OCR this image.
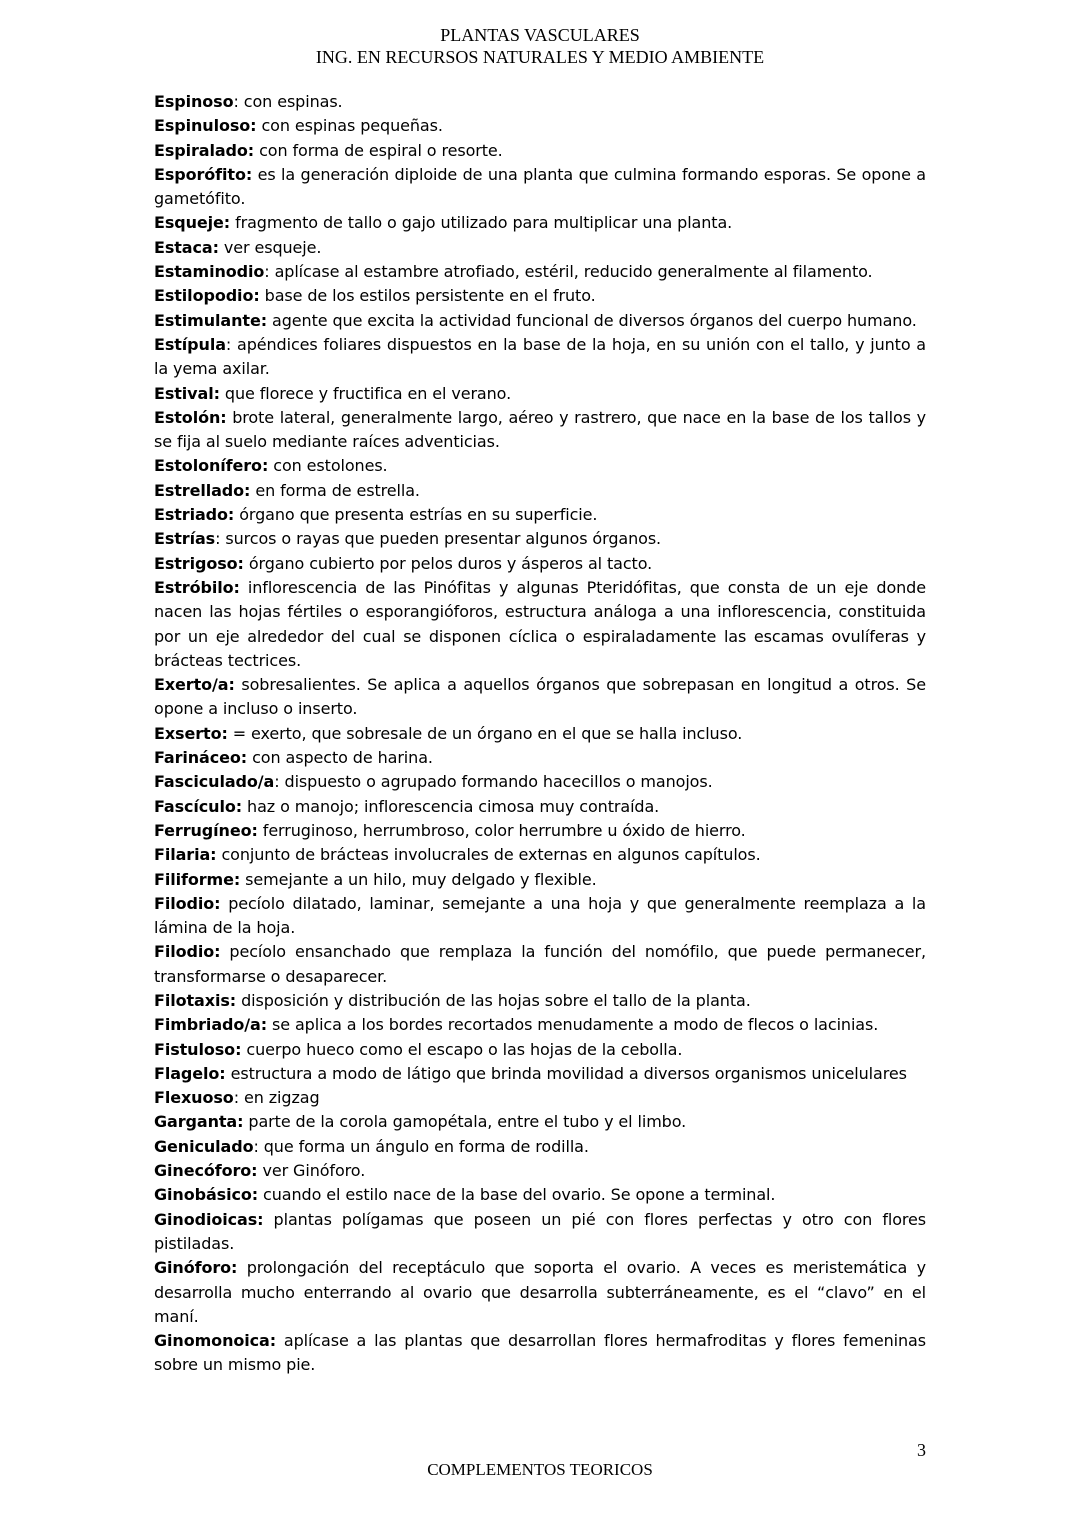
PLANTAS VASCULARES
ING. EN RECURSOS NATURALES Y MEDIO AMBIENTE

Espinoso: con espinas.

Espinuloso: con espinas pequeñas.

Espiralado: con forma de espiral o resorte.

Esporófito: es la generación diploide de una planta que culmina formando esporas. Se opone a gametófito.

Esqueje: fragmento de tallo o gajo utilizado para multiplicar una planta.

Estaca: ver esqueje.

Estaminodio: aplícase al estambre atrofiado, estéril, reducido generalmente al filamento.

Estilopodio: base de los estilos persistente en el fruto.

Estimulante: agente que excita la actividad funcional de diversos órganos del cuerpo humano.

Estípula: apéndices foliares dispuestos en la base de la hoja, en su unión con el tallo, y junto a la yema axilar.

Estival: que florece y fructifica en el verano.

Estolón: brote lateral, generalmente largo, aéreo y rastrero, que nace en la base de los tallos y se fija al suelo mediante raíces adventicias.

Estolonífero: con estolones.

Estrellado: en forma de estrella.

Estriado: órgano que presenta estrías en su superficie.

Estrías: surcos o rayas que pueden presentar algunos órganos.

Estrigoso: órgano cubierto por pelos duros y ásperos al tacto.

Estróbilo: inflorescencia de las Pinófitas y algunas Pteridófitas, que consta de un eje donde nacen las hojas fértiles o esporangióforos, estructura análoga a una inflorescencia, constituida por un eje alrededor del cual se disponen cíclica o espiraladamente las escamas ovulíferas y brácteas tectrices.

Exerto/a: sobresalientes. Se aplica a aquellos órganos que sobrepasan en longitud a otros. Se opone a incluso o inserto.

Exserto: = exerto, que sobresale de un órgano en el que se halla incluso.

Farináceo: con aspecto de harina.

Fasciculado/a: dispuesto o agrupado formando hacecillos o manojos.

Fascículo: haz o manojo; inflorescencia cimosa muy contraída.

Ferrugíneo: ferruginoso, herrumbroso, color herrumbre u óxido de hierro.

Filaria: conjunto de brácteas involucrales de externas en algunos capítulos.

Filiforme: semejante a un hilo, muy delgado y flexible.

Filodio: pecíolo dilatado, laminar, semejante a una hoja y que generalmente reemplaza a la lámina de la hoja.

Filodio: pecíolo ensanchado que remplaza la función del nomófilo, que puede permanecer, transformarse o desaparecer.

Filotaxis: disposición y distribución de las hojas sobre el tallo de la planta.

Fimbriado/a: se aplica a los bordes recortados menudamente a modo de flecos o lacinias.

Fistuloso: cuerpo hueco como el escapo o las hojas de la cebolla.

Flagelo: estructura a modo de látigo que brinda movilidad a diversos organismos unicelulares

Flexuoso: en zigzag

Garganta: parte de la corola gamopétala, entre el tubo y el limbo.

Geniculado: que forma un ángulo en forma de rodilla.

Ginecóforo: ver Ginóforo.

Ginobásico: cuando el estilo nace de la base del ovario. Se opone a terminal.

Ginodioicas: plantas polígamas que poseen un pié con flores perfectas y otro con flores pistiladas.

Ginóforo: prolongación del receptáculo que soporta el ovario. A veces es meristemática y desarrolla mucho enterrando al ovario que desarrolla subterráneamente, es el “clavo” en el maní.

Ginomonoica: aplícase a las plantas que desarrollan flores hermafroditas y flores femeninas sobre un mismo pie.

3
COMPLEMENTOS TEORICOS
